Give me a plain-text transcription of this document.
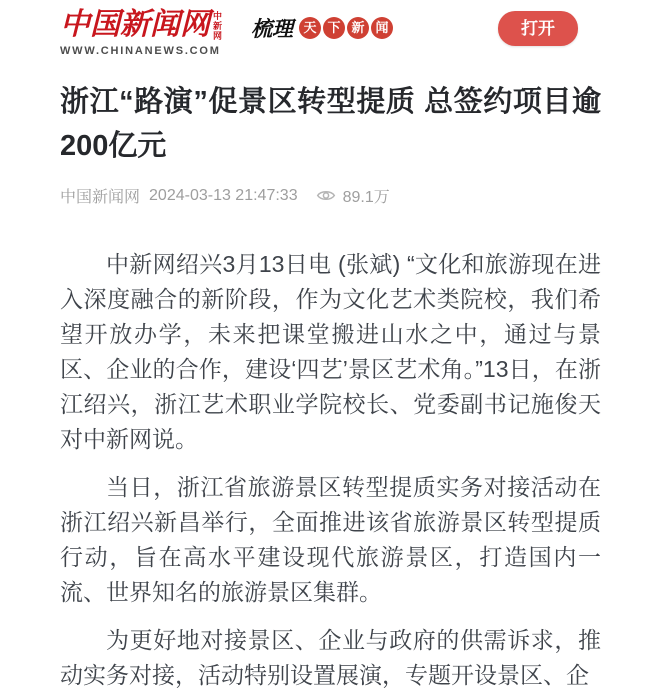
中国新闻网 中新网
WWW.CHINANEWS.COM
梳理 天 下 新 闻	打开
浙江“路演”促景区转型提质 总签约项目逾200亿元
中国新闻网 2024-03-13 21:47:33	89.1万

中新网绍兴3月13日电 (张斌) “文化和旅游现在进入深度融合的新阶段，作为文化艺术类院校，我们希望开放办学，未来把课堂搬进山水之中，通过与景区、企业的合作，建设‘四艺’景区艺术角。”13日，在浙江绍兴，浙江艺术职业学院校长、党委副书记施俊天对中新网说。

当日，浙江省旅游景区转型提质实务对接活动在浙江绍兴新昌举行，全面推进该省旅游景区转型提质行动，旨在高水平建设现代旅游景区，打造国内一流、世界知名的旅游景区集群。

为更好地对接景区、企业与政府的供需诉求，推动实务对接，活动特别设置展演，专题开设景区、企
